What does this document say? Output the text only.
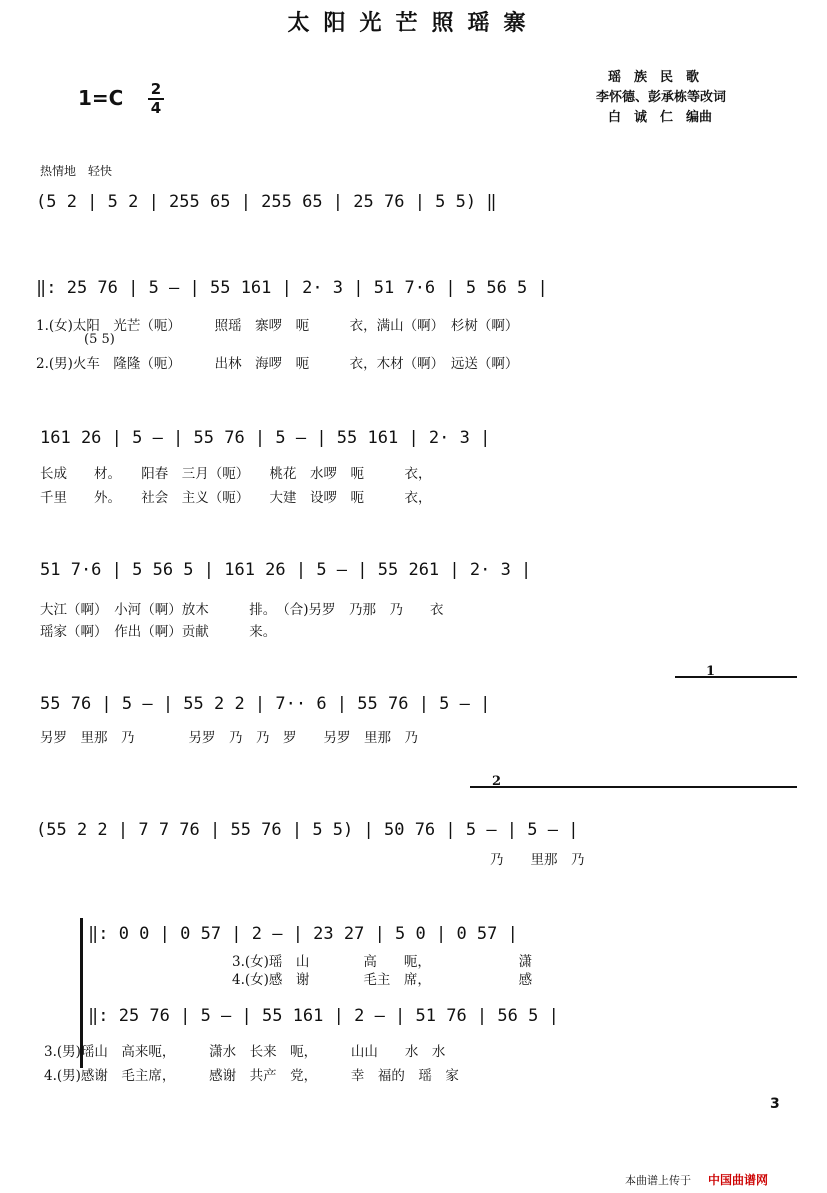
太阳光芒照瑶寨
1=C 2
4
瑶　族　民　歌
李怀德、彭承栋等改词
白　诚　仁　编曲
热情地　轻快
(5 2 | 5 2 | 255 65 | 255 65 | 25 76 | 5 5) ‖
‖: 25 76 | 5 — | 55 161 | 2· 3 | 51 7·6 | 5 56 5 |
1.(女)太阳　光芒（呃）　　　照瑶　寨啰　呃　　　衣，满山（啊）　杉树（啊）
(5 5)
2.(男)火车　隆隆（呃）　　　出林　海啰　呃　　　衣，木材（啊）　远送（啊）
161 26 | 5 — | 55 76 | 5 — | 55 161 | 2· 3 |
长成　　材。　　阳春　三月（呃）　　桃花　水啰　呃　　　衣，
千里　　外。　　社会　主义（呃）　　大建　设啰　呃　　　衣，
51 7·6 | 5 56 5 | 161 26 | 5 — | 55 261 | 2· 3 |
大江（啊）　小河（啊）放木　　　排。　（合)另罗　乃那　乃　　衣
瑶家（啊）　作出（啊）贡献　　　来。
1
55 76 | 5 — | 55 2 2 | 7·· 6 | 55 76 | 5 — |
另罗　里那　乃　　　　另罗　乃　乃　罗　　另罗　里那　乃
2
(55 2 2 | 7 7 76 | 55 76 | 5 5) | 50 76 | 5 — | 5 — |
乃　　里那　乃
‖: 0 0 | 0 57 | 2 — | 23 27 | 5 0 | 0 57 |
3.(女)瑶　山　　　　高　　呃，　　　　　　　潇
4.(女)感　谢　　　　毛主　席，　　　　　　　感
‖: 25 76 | 5 — | 55 161 | 2 — | 51 76 | 56 5 |
3.(男)瑶山　高来呃，　　　潇水　长来　呃，　　　山山　　水　水
4.(男)感谢　毛主席，　　　感谢　共产　党，　　　幸　福的　瑶　家
3
本曲谱上传于 中国曲谱网
